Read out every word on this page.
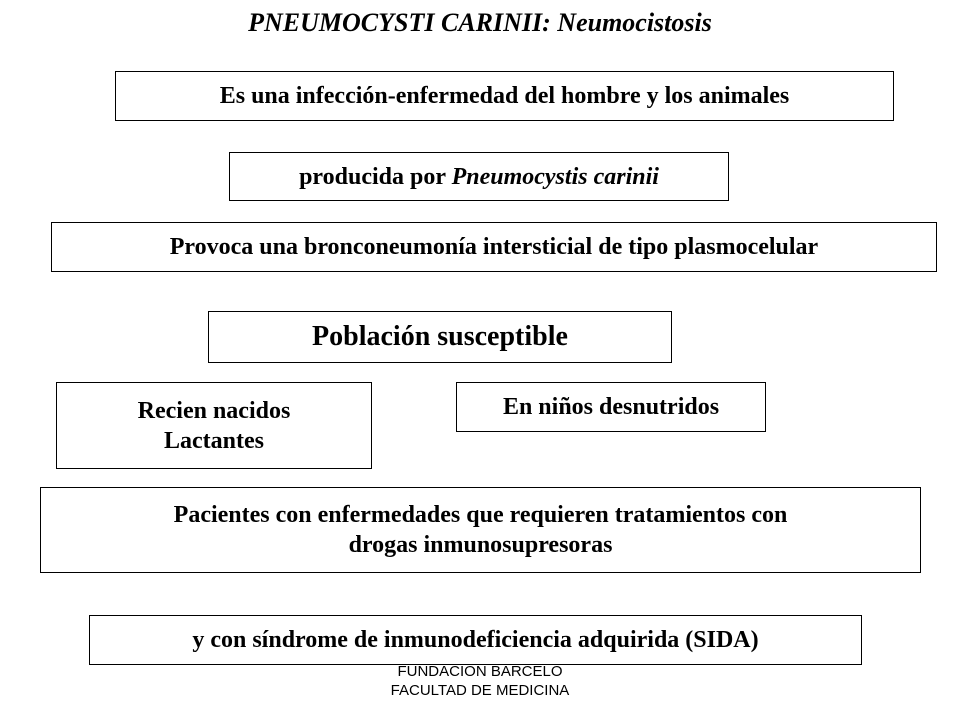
PNEUMOCYSTI CARINII: Neumocistosis
Es una infección-enfermedad del hombre y los animales
producida por Pneumocystis carinii
Provoca una bronconeumonía intersticial de tipo plasmocelular
Población susceptible
Recien nacidos
Lactantes
En niños desnutridos
Pacientes con enfermedades que requieren tratamientos con
drogas inmunosupresoras
y con síndrome de inmunodeficiencia adquirida (SIDA)
FUNDACION BARCELO
FACULTAD DE MEDICINA
